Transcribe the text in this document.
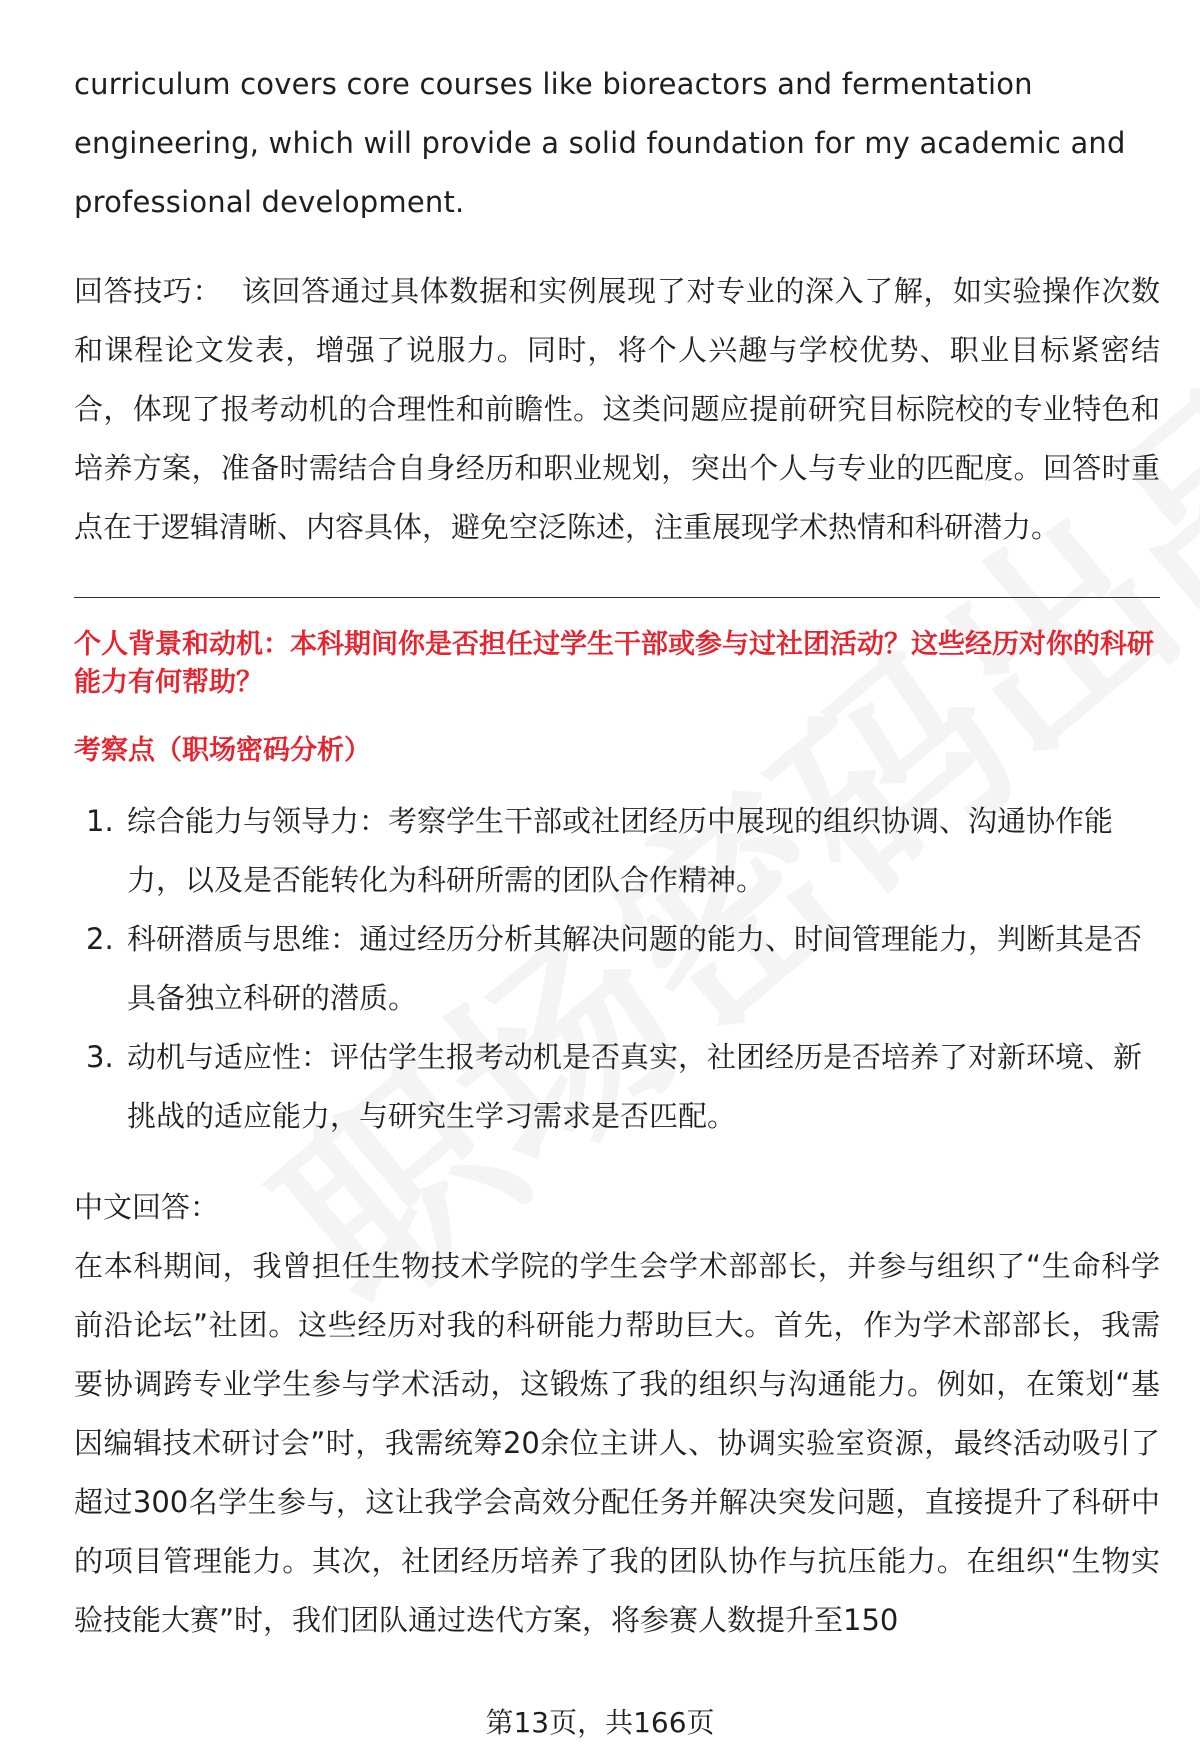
curriculum covers core courses like bioreactors and fermentation engineering, which will provide a solid foundation for my academic and professional development.

回答技巧： 该回答通过具体数据和实例展现了对专业的深入了解，如实验操作次数和课程论文发表，增强了说服力。同时，将个人兴趣与学校优势、职业目标紧密结合，体现了报考动机的合理性和前瞻性。这类问题应提前研究目标院校的专业特色和培养方案，准备时需结合自身经历和职业规划，突出个人与专业的匹配度。回答时重点在于逻辑清晰、内容具体，避免空泛陈述，注重展现学术热情和科研潜力。

个人背景和动机：本科期间你是否担任过学生干部或参与过社团活动？这些经历对你的科研能力有何帮助？

考察点（职场密码分析）

1. 综合能力与领导力：考察学生干部或社团经历中展现的组织协调、沟通协作能力，以及是否能转化为科研所需的团队合作精神。
2. 科研潜质与思维：通过经历分析其解决问题的能力、时间管理能力，判断其是否具备独立科研的潜质。
3. 动机与适应性：评估学生报考动机是否真实，社团经历是否培养了对新环境、新挑战的适应能力，与研究生学习需求是否匹配。

中文回答：

在本科期间，我曾担任生物技术学院的学生会学术部部长，并参与组织了“生命科学前沿论坛”社团。这些经历对我的科研能力帮助巨大。首先，作为学术部部长，我需要协调跨专业学生参与学术活动，这锻炼了我的组织与沟通能力。例如，在策划“基因编辑技术研讨会”时，我需统筹20余位主讲人、协调实验室资源，最终活动吸引了超过300名学生参与，这让我学会高效分配任务并解决突发问题，直接提升了科研中的项目管理能力。其次，社团经历培养了我的团队协作与抗压能力。在组织“生物实验技能大赛”时，我们团队通过迭代方案，将参赛人数提升至150

第13页，共166页
